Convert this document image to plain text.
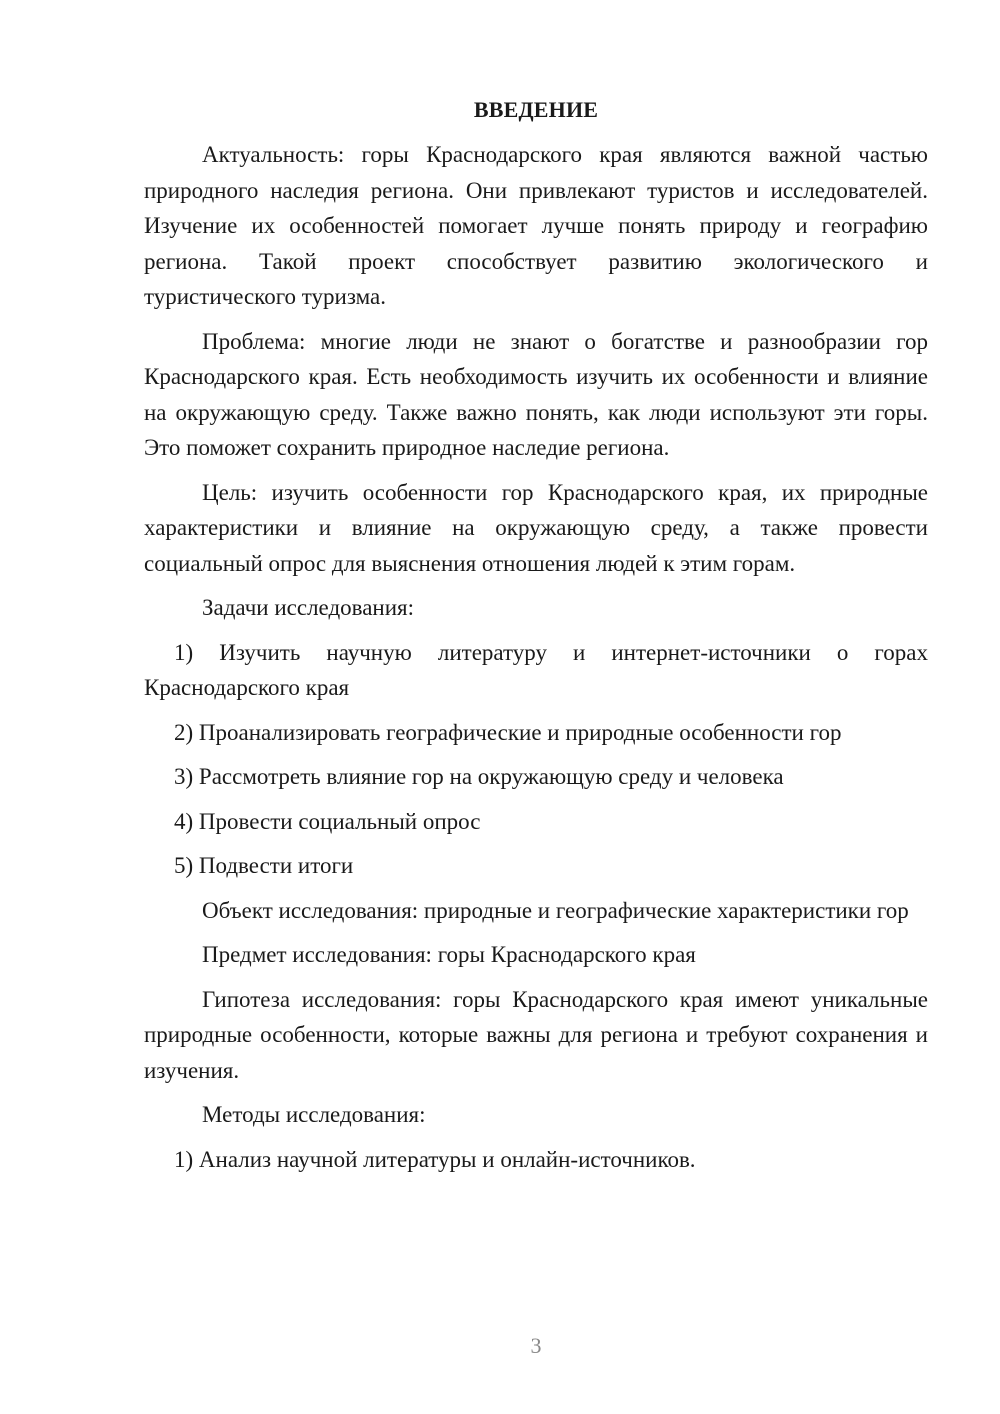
ВВЕДЕНИЕ

Актуальность: горы Краснодарского края являются важной частью природного наследия региона. Они привлекают туристов и исследователей. Изучение их особенностей помогает лучше понять природу и географию региона. Такой проект способствует развитию экологического и туристического туризма.

Проблема: многие люди не знают о богатстве и разнообразии гор Краснодарского края. Есть необходимость изучить их особенности и влияние на окружающую среду. Также важно понять, как люди используют эти горы. Это поможет сохранить природное наследие региона.

Цель: изучить особенности гор Краснодарского края, их природные характеристики и влияние на окружающую среду, а также провести социальный опрос для выяснения отношения людей к этим горам.

Задачи исследования:

1) Изучить научную литературу и интернет-источники о горах Краснодарского края

2) Проанализировать географические и природные особенности гор

3) Рассмотреть влияние гор на окружающую среду и человека

4) Провести социальный опрос

5) Подвести итоги

Объект исследования: природные и географические характеристики гор

Предмет исследования: горы Краснодарского края

Гипотеза исследования: горы Краснодарского края имеют уникальные природные особенности, которые важны для региона и требуют сохранения и изучения.

Методы исследования:

1) Анализ научной литературы и онлайн-источников.

3
